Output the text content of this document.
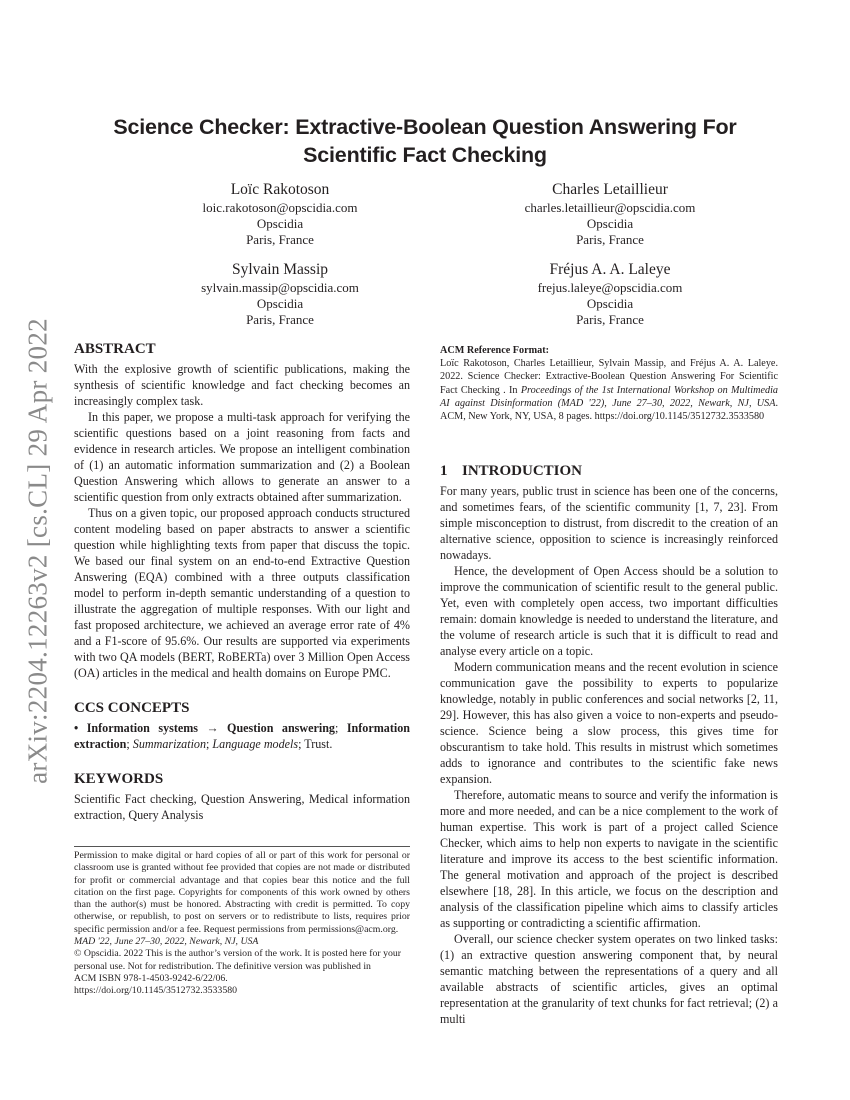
Science Checker: Extractive-Boolean Question Answering For
Scientific Fact Checking
Loïc Rakotoson
loic.rakotoson@opscidia.com
Opscidia
Paris, France
Charles Letaillieur
charles.letaillieur@opscidia.com
Opscidia
Paris, France
Sylvain Massip
sylvain.massip@opscidia.com
Opscidia
Paris, France
Fréjus A. A. Laleye
frejus.laleye@opscidia.com
Opscidia
Paris, France
arXiv:2204.12263v2 [cs.CL] 29 Apr 2022 ABSTRACT

With the explosive growth of scientific publications, making the synthesis of scientific knowledge and fact checking becomes an increasingly complex task.

In this paper, we propose a multi-task approach for verifying the scientific questions based on a joint reasoning from facts and evidence in research articles. We propose an intelligent combination of (1) an automatic information summarization and (2) a Boolean Question Answering which allows to generate an answer to a scientific question from only extracts obtained after summarization.

Thus on a given topic, our proposed approach conducts structured content modeling based on paper abstracts to answer a scientific question while highlighting texts from paper that discuss the topic. We based our final system on an end-to-end Extractive Question Answering (EQA) combined with a three outputs classification model to perform in-depth semantic understanding of a question to illustrate the aggregation of multiple responses. With our light and fast proposed architecture, we achieved an average error rate of 4% and a F1-score of 95.6%. Our results are supported via experiments with two QA models (BERT, RoBERTa) over 3 Million Open Access (OA) articles in the medical and health domains on Europe PMC.

CCS CONCEPTS

• Information systems → Question answering; Information extraction; Summarization; Language models; Trust.

KEYWORDS

Scientific Fact checking, Question Answering, Medical information extraction, Query Analysis

Permission to make digital or hard copies of all or part of this work for personal or classroom use is granted without fee provided that copies are not made or distributed for profit or commercial advantage and that copies bear this notice and the full citation on the first page. Copyrights for components of this work owned by others than the author(s) must be honored. Abstracting with credit is permitted. To copy otherwise, or republish, to post on servers or to redistribute to lists, requires prior specific permission and/or a fee. Request permissions from permissions@acm.org.

MAD '22, June 27–30, 2022, Newark, NJ, USA

© Opscidia. 2022 This is the author’s version of the work. It is posted here for your personal use. Not for redistribution. The definitive version was published in

ACM ISBN 978-1-4503-9242-6/22/06.

https://doi.org/10.1145/3512732.3533580

ACM Reference Format:

Loïc Rakotoson, Charles Letaillieur, Sylvain Massip, and Fréjus A. A. Laleye. 2022. Science Checker: Extractive-Boolean Question Answering For Scientific Fact Checking . In Proceedings of the 1st International Workshop on Multimedia AI against Disinformation (MAD '22), June 27–30, 2022, Newark, NJ, USA. ACM, New York, NY, USA, 8 pages. https://doi.org/10.1145/3512732.3533580

1 INTRODUCTION

For many years, public trust in science has been one of the concerns, and sometimes fears, of the scientific community [1, 7, 23]. From simple misconception to distrust, from discredit to the creation of an alternative science, opposition to science is increasingly reinforced nowadays.

Hence, the development of Open Access should be a solution to improve the communication of scientific result to the general public. Yet, even with completely open access, two important difficulties remain: domain knowledge is needed to understand the literature, and the volume of research article is such that it is difficult to read and analyse every article on a topic.

Modern communication means and the recent evolution in science communication gave the possibility to experts to popularize knowledge, notably in public conferences and social networks [2, 11, 29]. However, this has also given a voice to non-experts and pseudo-science. Science being a slow process, this gives time for obscurantism to take hold. This results in mistrust which sometimes adds to ignorance and contributes to the scientific fake news expansion.

Therefore, automatic means to source and verify the information is more and more needed, and can be a nice complement to the work of human expertise. This work is part of a project called Science Checker, which aims to help non experts to navigate in the scientific literature and improve its access to the best scientific information. The general motivation and approach of the project is described elsewhere [18, 28]. In this article, we focus on the description and analysis of the classification pipeline which aims to classify articles as supporting or contradicting a scientific affirmation.

Overall, our science checker system operates on two linked tasks: (1) an extractive question answering component that, by neural semantic matching between the representations of a query and all available abstracts of scientific articles, gives an optimal representation at the granularity of text chunks for fact retrieval; (2) a multi
